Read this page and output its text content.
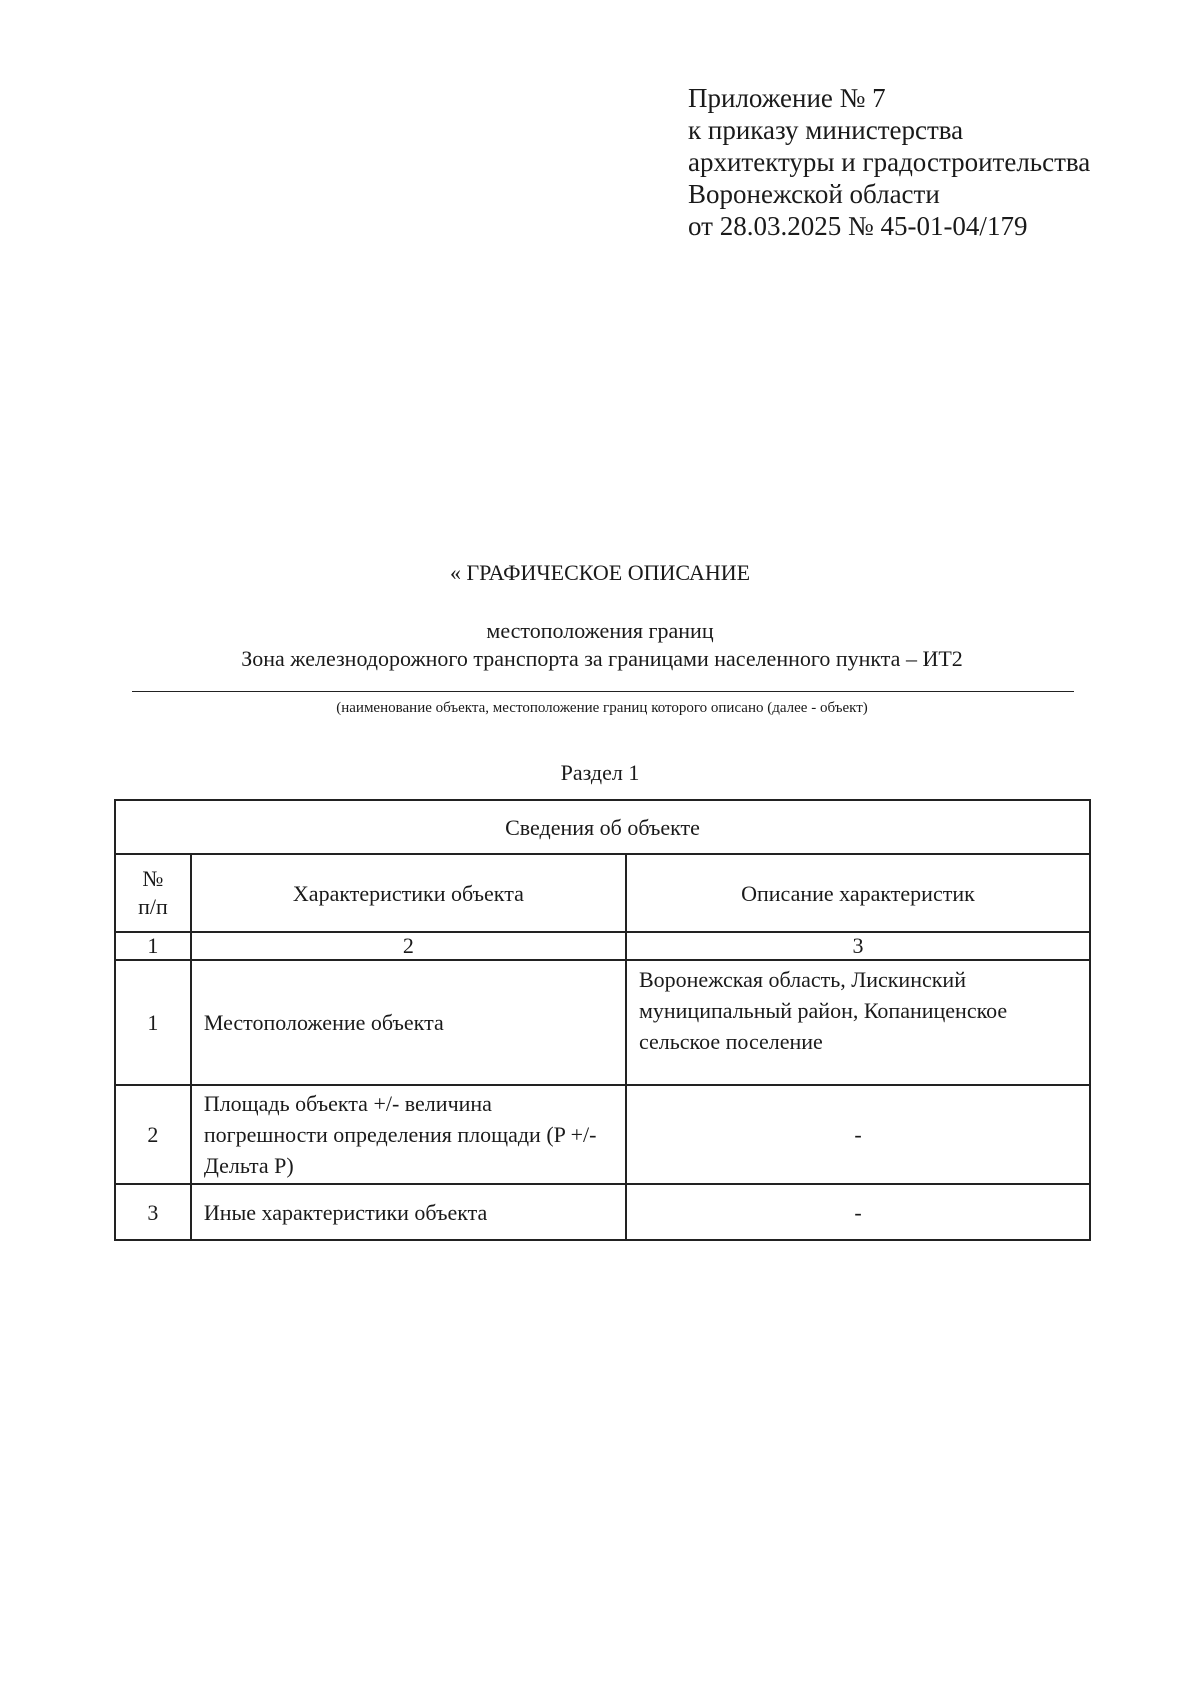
Приложение № 7
к приказу министерства
архитектуры и градостроительства
Воронежской области
от 28.03.2025 № 45-01-04/179
« ГРАФИЧЕСКОЕ ОПИСАНИЕ
местоположения границ
Зона железнодорожного транспорта за границами населенного пункта – ИТ2
(наименование объекта, местоположение границ которого описано (далее - объект)
Раздел 1
Сведения об объекте		
№
п/п	Характеристики объекта	Описание характеристик
1	2	3
1	Местоположение объекта	Воронежская область, Лискинский муниципальный район, Копаниценское сельское поселение
2	Площадь объекта +/- величина погрешности определения площади (P +/- Дельта P)	-
3	Иные характеристики объекта	-
